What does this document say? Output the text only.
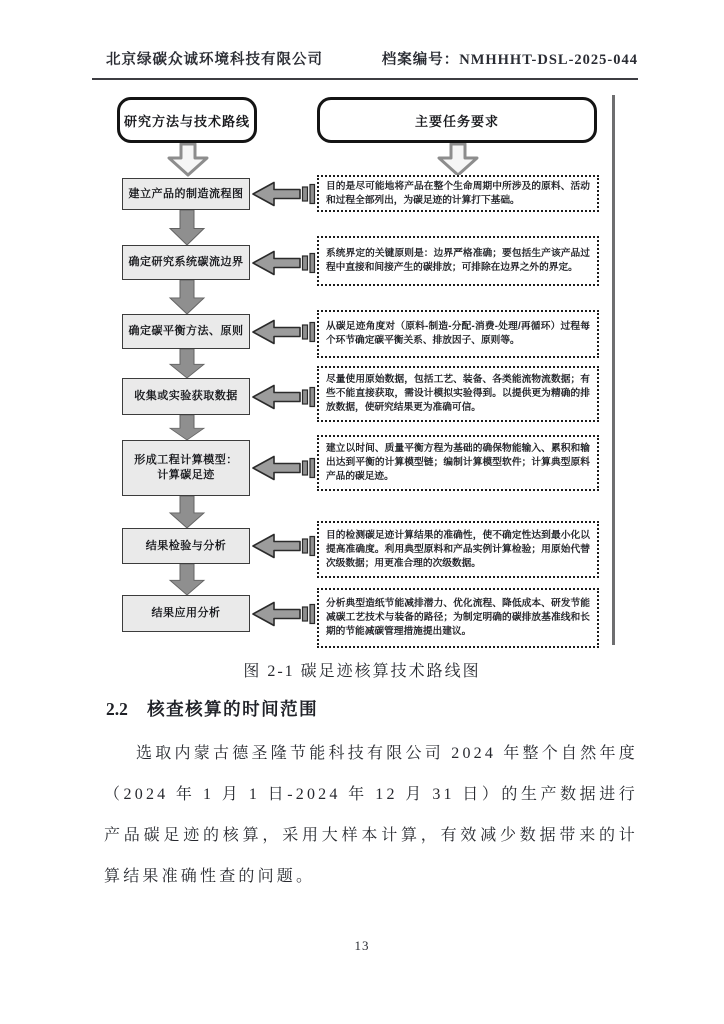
北京绿碳众诚环境科技有限公司	档案编号：NMHHHT-DSL-2025-044
研究方法与技术路线	主要任务要求
建立产品的制造流程图
目的是尽可能地将产品在整个生命周期中所涉及的原料、活动和过程全部列出，为碳足迹的计算打下基础。
确定研究系统碳流边界
系统界定的关键原则是：边界严格准确；要包括生产该产品过程中直接和间接产生的碳排放；可排除在边界之外的界定。
确定碳平衡方法、原则	从碳足迹角度对（原料-制造-分配-消费-处理/再循环）过程每个环节确定碳平衡关系、排放因子、原则等。
收集或实验获取数据
尽量使用原始数据，包括工艺、装备、各类能流物流数据；有些不能直接获取，需设计模拟实验得到。以提供更为精确的排放数据，使研究结果更为准确可信。
形成工程计算模型：
计算碳足迹
建立以时间、质量平衡方程为基础的确保物能输入、累积和输出达到平衡的计算模型链；编制计算模型软件；计算典型原料产品的碳足迹。
结果检验与分析
目的检测碳足迹计算结果的准确性，使不确定性达到最小化以提高准确度。利用典型原料和产品实例计算检验；用原始代替次级数据；用更准合理的次级数据。
结果应用分析
分析典型造纸节能减排潜力、优化流程、降低成本、研发节能减碳工艺技术与装备的路径；为制定明确的碳排放基准线和长期的节能减碳管理措施提出建议。
图 2-1 碳足迹核算技术路线图
2.2 核查核算的时间范围
选取内蒙古德圣隆节能科技有限公司 2024 年整个自然年度（2024 年 1 月 1 日-2024 年 12 月 31 日）的生产数据进行产品碳足迹的核算，采用大样本计算，有效减少数据带来的计算结果准确性查的问题。
13
